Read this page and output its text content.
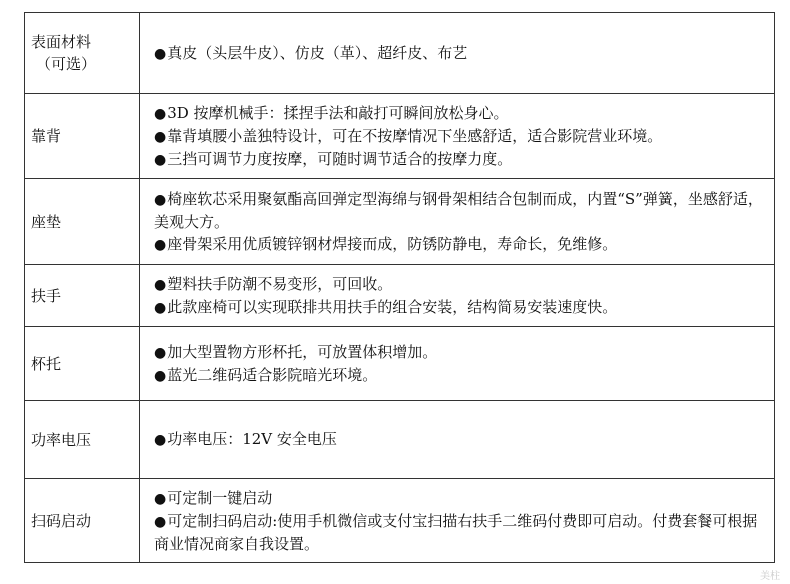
表面材料
（可选）	●真皮（头层牛皮）、仿皮（革）、超纤皮、布艺

靠背	●3D 按摩机械手：揉捏手法和敲打可瞬间放松身心。
●靠背填腰小盖独特设计，可在不按摩情况下坐感舒适，适合影院营业环境。
●三挡可调节力度按摩，可随时调节适合的按摩力度。

座垫	●椅座软芯采用聚氨酯高回弹定型海绵与钢骨架相结合包制而成，内置“S”弹簧，坐感舒适，美观大方。
●座骨架采用优质镀锌钢材焊接而成，防锈防静电，寿命长，免维修。

扶手	●塑料扶手防潮不易变形，可回收。
●此款座椅可以实现联排共用扶手的组合安装，结构简易安装速度快。

杯托	●加大型置物方形杯托，可放置体积增加。
●蓝光二维码适合影院暗光环境。

功率电压	●功率电压：12V 安全电压

扫码启动	●可定制一键启动
●可定制扫码启动:使用手机微信或支付宝扫描右扶手二维码付费即可启动。付费套餐可根据商业情况商家自我设置。
美柱
